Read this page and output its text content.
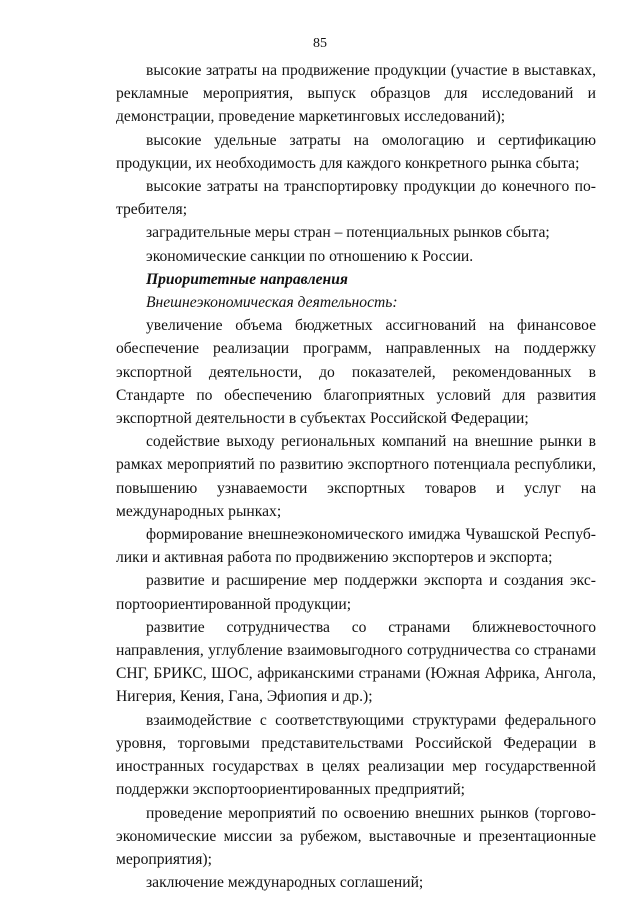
85

высокие затраты на продвижение продукции (участие в выставках, рекламные мероприятия, выпуск образцов для исследований и демонстрации, проведение маркетинговых исследований);

высокие удельные затраты на омологацию и сертификацию продукции, их необходимость для каждого конкретного рынка сбыта;

высокие затраты на транспортировку продукции до конечного потребителя;

заградительные меры стран – потенциальных рынков сбыта;

экономические санкции по отношению к России.

Приоритетные направления

Внешнеэкономическая деятельность:

увеличение объема бюджетных ассигнований на финансовое обеспечение реализации программ, направленных на поддержку экспортной деятельности, до показателей, рекомендованных в Стандарте по обеспечению благоприятных условий для развития экспортной деятельности в субъектах Российской Федерации;

содействие выходу региональных компаний на внешние рынки в рамках мероприятий по развитию экспортного потенциала республики, повышению узнаваемости экспортных товаров и услуг на международных рынках;

формирование внешнеэкономического имиджа Чувашской Республики и активная работа по продвижению экспортеров и экспорта;

развитие и расширение мер поддержки экспорта и создания экспортоориентированной продукции;

развитие сотрудничества со странами ближневосточного направления, углубление взаимовыгодного сотрудничества со странами СНГ, БРИКС, ШОС, африканскими странами (Южная Африка, Ангола, Нигерия, Кения, Гана, Эфиопия и др.);

взаимодействие с соответствующими структурами федерального уровня, торговыми представительствами Российской Федерации в иностранных государствах в целях реализации мер государственной поддержки экспортоориентированных предприятий;

проведение мероприятий по освоению внешних рынков (торгово-экономические миссии за рубежом, выставочные и презентационные мероприятия);

заключение международных соглашений;
